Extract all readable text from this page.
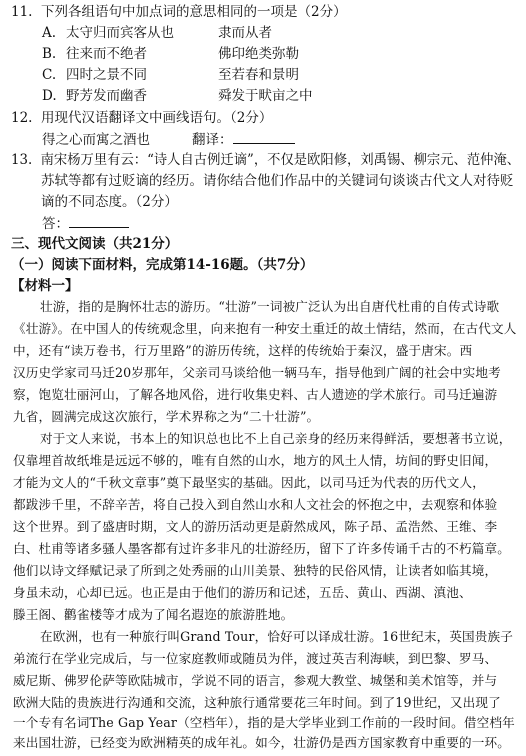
11. 下列各组语句中加点词的意思相同的一项是（2分）
A. 太守归而宾客从也	隶而从者
B. 往来而不绝者	佛印绝类弥勒
C. 四时之景不同	至若春和景明
D. 野芳发而幽香	舜发于畎亩之中
12. 用现代汉语翻译文中画线语句。（2分）
得之心而寓之酒也	翻译：
13. 南宋杨万里有云：“诗人自古例迁谪”，不仅是欧阳修，刘禹锡、柳宗元、范仲淹、
苏轼等都有过贬谪的经历。请你结合他们作品中的关键词句谈谈古代文人对待贬
谪的不同态度。（2分）
答：
三、现代文阅读（共21分）
（一）阅读下面材料，完成第14-16题。（共7分）
【材料一】
壮游，指的是胸怀壮志的游历。“壮游”一词被广泛认为出自唐代杜甫的自传式诗歌
《壮游》。在中国人的传统观念里，向来抱有一种安土重迁的故土情结，然而，在古代文人
中，还有“读万卷书，行万里路”的游历传统，这样的传统始于秦汉，盛于唐宋。西
汉历史学家司马迁20岁那年，父亲司马谈给他一辆马车，指导他到广阔的社会中实地考
察，饱览壮丽河山，了解各地风俗，进行收集史料、古人遗迹的学术旅行。司马迁遍游
九省，圆满完成这次旅行，学术界称之为“二十壮游”。
对于文人来说，书本上的知识总也比不上自己亲身的经历来得鲜活，要想著书立说，
仅靠埋首故纸堆是远远不够的，唯有自然的山水，地方的风土人情，坊间的野史旧闻，
才能为文人的“千秋文章事”奠下最坚实的基础。因此，以司马迁为代表的历代文人，
都跋涉千里，不辞辛苦，将自己投入到自然山水和人文社会的怀抱之中，去观察和体验
这个世界。到了盛唐时期，文人的游历活动更是蔚然成风，陈子昂、孟浩然、王维、李
白、杜甫等诸多骚人墨客都有过许多非凡的壮游经历，留下了许多传诵千古的不朽篇章。
他们以诗文绎赋记录了所到之处秀丽的山川美景、独特的民俗风情，让读者如临其境，
身虽未动，心却已远。也正是由于他们的游历和记述，五岳、黄山、西湖、滇池、
滕王阁、鹳雀楼等才成为了闻名遐迩的旅游胜地。
在欧洲，也有一种旅行叫Grand Tour，恰好可以译成壮游。16世纪末，英国贵族子
弟流行在学业完成后，与一位家庭教师或随员为伴，渡过英吉利海峡，到巴黎、罗马、
威尼斯、佛罗伦萨等欧陆城市，学说不同的语言，参观大教堂、城堡和美术馆等，并与
欧洲大陆的贵族进行沟通和交流，这种旅行通常要花三年时间。到了19世纪，又出现了
一个专有名词The Gap Year（空档年），指的是大学毕业到工作前的一段时间。借空档年
来出国壮游，已经变为欧洲精英的成年礼。如今，壮游仍是西方国家教育中重要的一环。
